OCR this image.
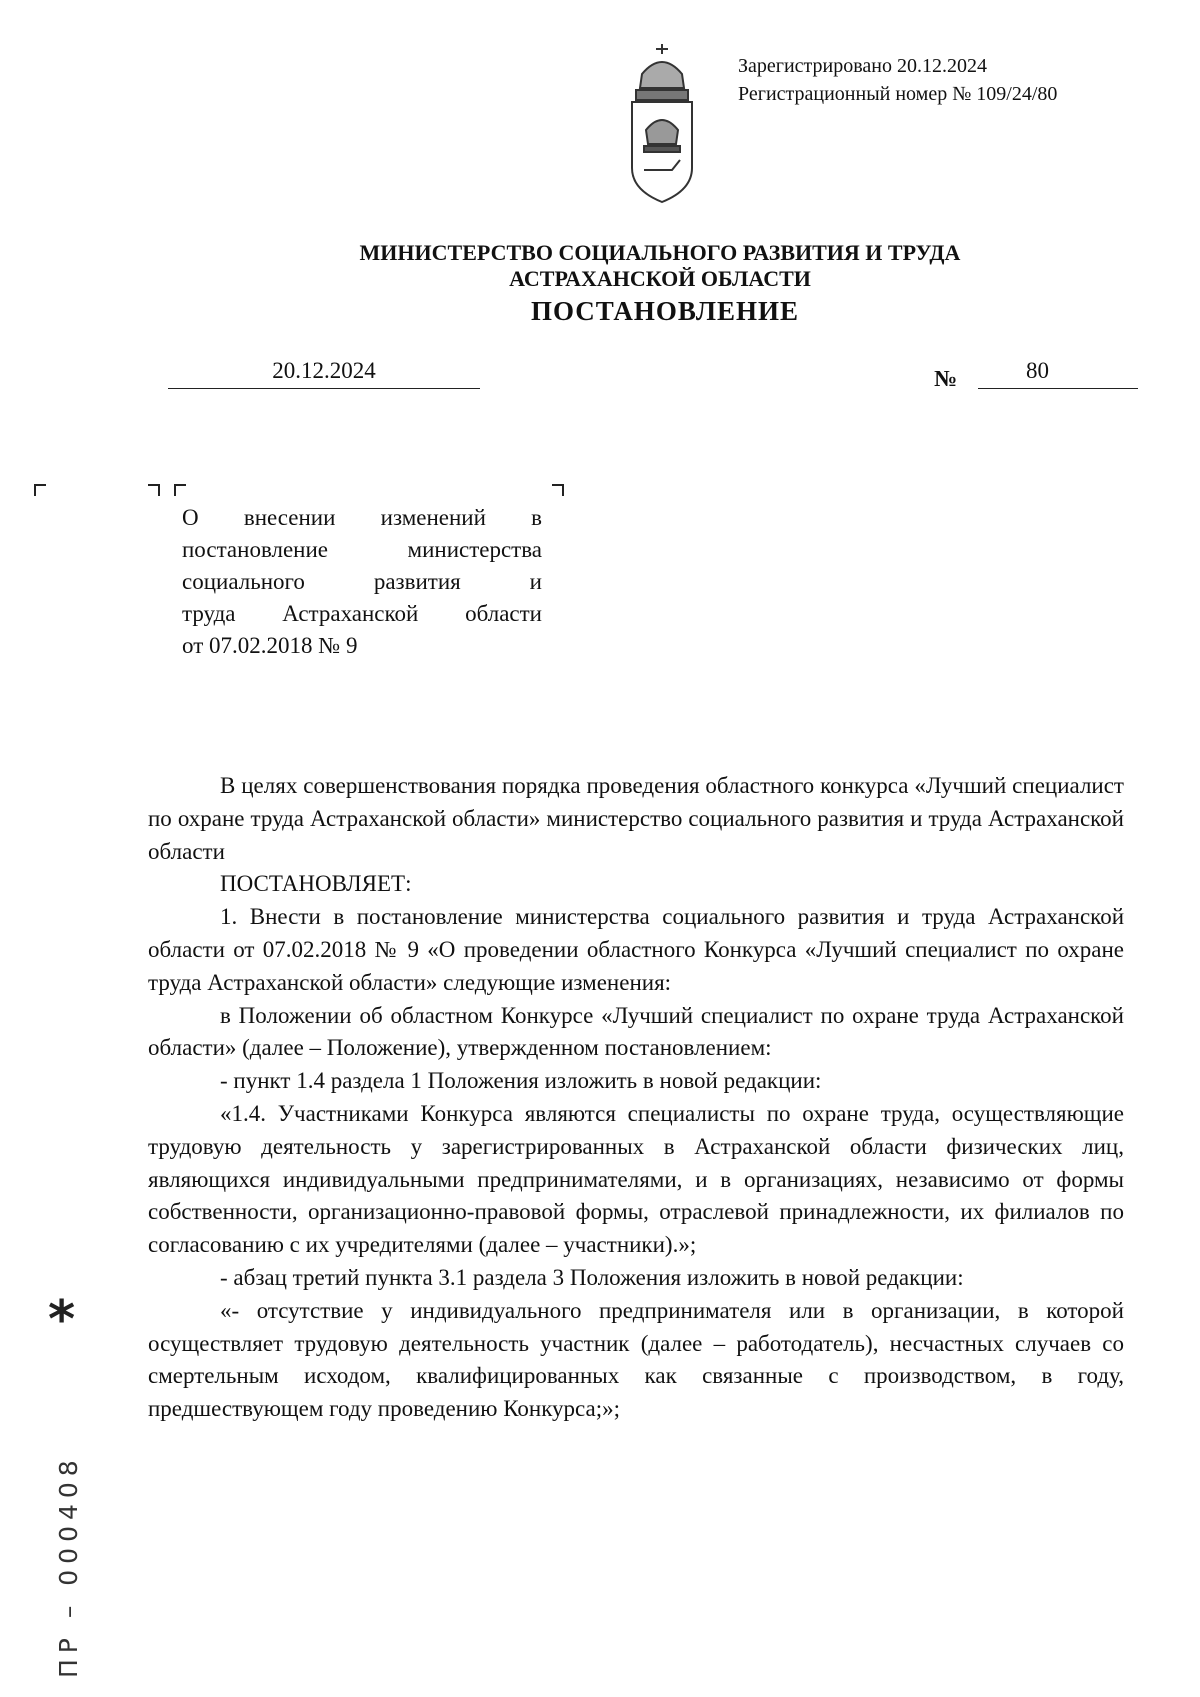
Зарегистрировано 20.12.2024
Регистрационный номер № 109/24/80
МИНИСТЕРСТВО СОЦИАЛЬНОГО РАЗВИТИЯ И ТРУДА
АСТРАХАНСКОЙ ОБЛАСТИ
ПОСТАНОВЛЕНИЕ
20.12.2024	№	80
О внесении изменений в
постановление министерства
социального развития и
труда Астраханской области
от 07.02.2018 № 9

В целях совершенствования порядка проведения областного конкурса «Лучший специалист по охране труда Астраханской области» министерство социального развития и труда Астраханской области

ПОСТАНОВЛЯЕТ:

1. Внести в постановление министерства социального развития и труда Астраханской области от 07.02.2018 № 9 «О проведении областного Конкурса «Лучший специалист по охране труда Астраханской области» следующие изменения:

в Положении об областном Конкурсе «Лучший специалист по охране труда Астраханской области» (далее – Положение), утвержденном постановлением:

- пункт 1.4 раздела 1 Положения изложить в новой редакции:

«1.4. Участниками Конкурса являются специалисты по охране труда, осуществляющие трудовую деятельность у зарегистрированных в Астраханской области физических лиц, являющихся индивидуальными предпринимателями, и в организациях, независимо от формы собственности, организационно-правовой формы, отраслевой принадлежности, их филиалов по согласованию с их учредителями (далее – участники).»;

- абзац третий пункта 3.1 раздела 3 Положения изложить в новой редакции:

«- отсутствие у индивидуального предпринимателя или в организации, в которой осуществляет трудовую деятельность участник (далее – работодатель), несчастных случаев со смертельным исходом, квалифицированных как связанные с производством, в году, предшествующем году проведению Конкурса;»;

*
ПР – 000408
